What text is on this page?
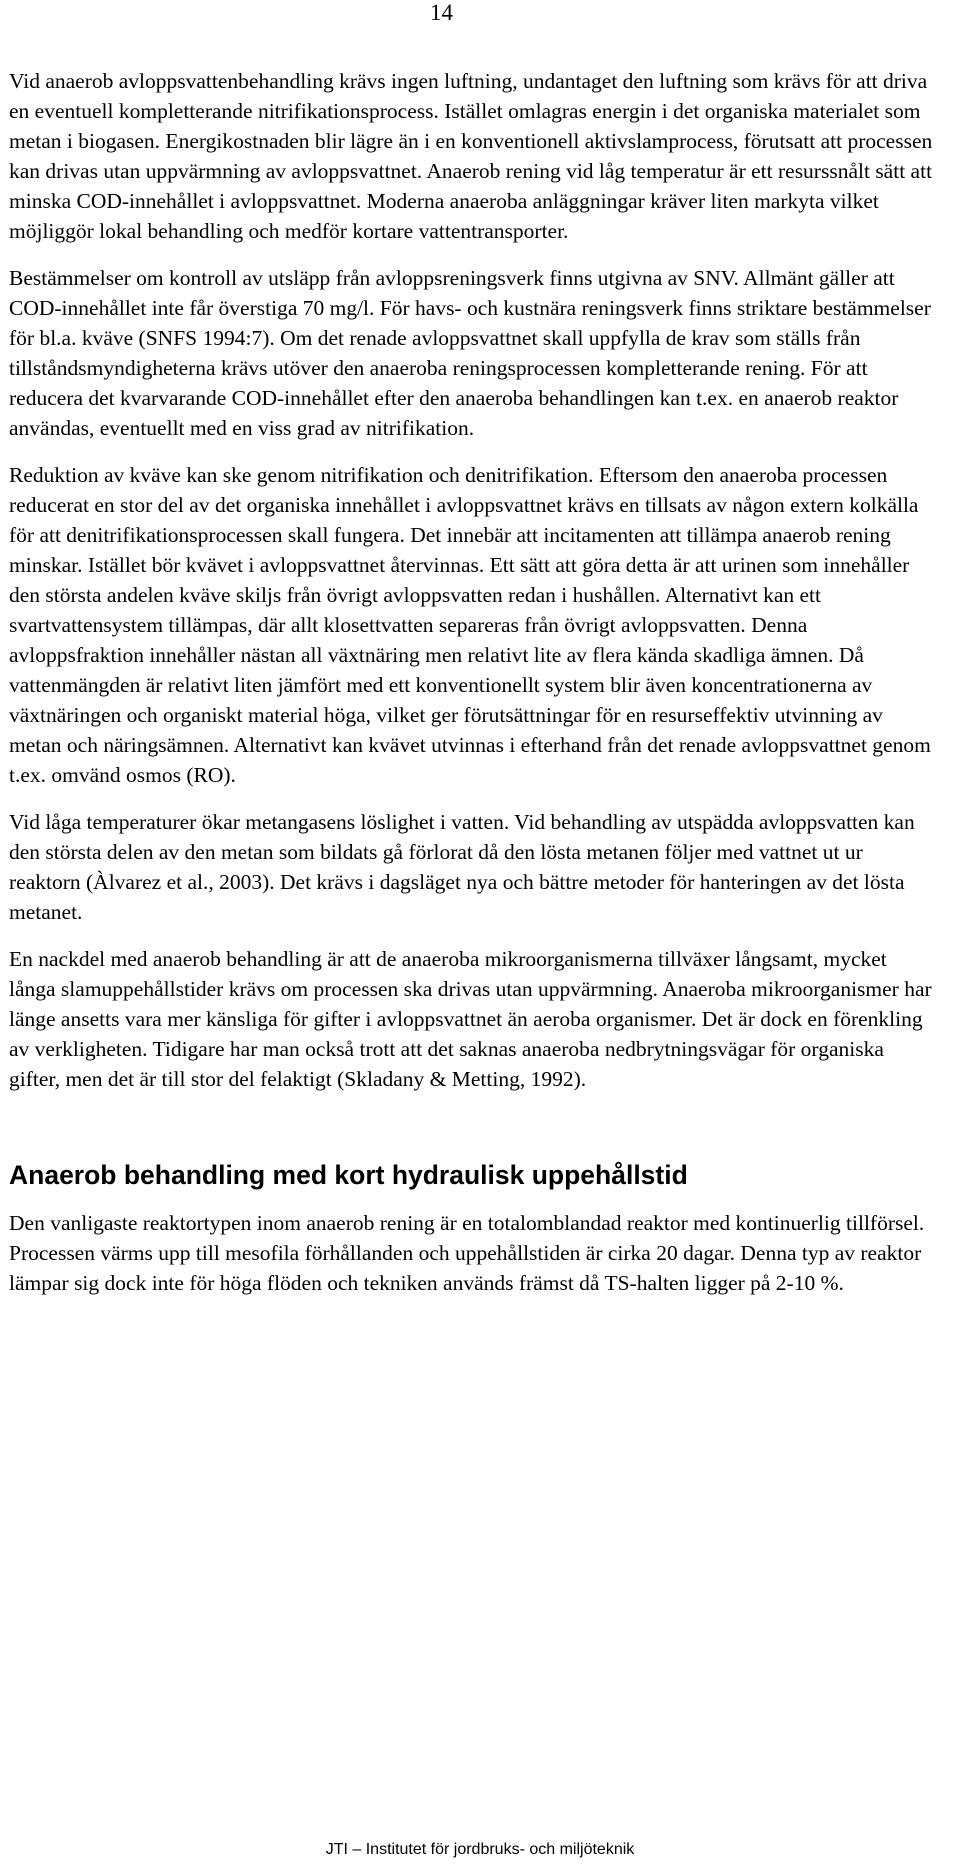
14

Vid anaerob avloppsvattenbehandling krävs ingen luftning, undantaget den luftning som krävs för att driva en eventuell kompletterande nitrifikationsprocess. Istället omlagras energin i det organiska materialet som metan i biogasen. Energikostnaden blir lägre än i en konventionell aktivslamprocess, förutsatt att processen kan drivas utan uppvärmning av avloppsvattnet. Anaerob rening vid låg temperatur är ett resurssnålt sätt att minska COD-innehållet i avloppsvattnet. Moderna anaeroba anläggningar kräver liten markyta vilket möjliggör lokal behandling och medför kortare vattentransporter.

Bestämmelser om kontroll av utsläpp från avloppsreningsverk finns utgivna av SNV. Allmänt gäller att COD-innehållet inte får överstiga 70 mg/l. För havs- och kustnära reningsverk finns striktare bestämmelser för bl.a. kväve (SNFS 1994:7). Om det renade avloppsvattnet skall uppfylla de krav som ställs från tillståndsmyndigheterna krävs utöver den anaeroba reningsprocessen kompletterande rening. För att reducera det kvarvarande COD-innehållet efter den anaeroba behandlingen kan t.ex. en anaerob reaktor användas, eventuellt med en viss grad av nitrifikation.

Reduktion av kväve kan ske genom nitrifikation och denitrifikation. Eftersom den anaeroba processen reducerat en stor del av det organiska innehållet i avloppsvattnet krävs en tillsats av någon extern kolkälla för att denitrifikationsprocessen skall fungera. Det innebär att incitamenten att tillämpa anaerob rening minskar. Istället bör kvävet i avloppsvattnet återvinnas. Ett sätt att göra detta är att urinen som innehåller den största andelen kväve skiljs från övrigt avloppsvatten redan i hushållen. Alternativt kan ett svartvattensystem tillämpas, där allt klosettvatten separeras från övrigt avloppsvatten. Denna avloppsfraktion innehåller nästan all växtnäring men relativt lite av flera kända skadliga ämnen. Då vattenmängden är relativt liten jämfört med ett konventionellt system blir även koncentrationerna av växtnäringen och organiskt material höga, vilket ger förutsättningar för en resurseffektiv utvinning av metan och näringsämnen. Alternativt kan kvävet utvinnas i efterhand från det renade avloppsvattnet genom t.ex. omvänd osmos (RO).

Vid låga temperaturer ökar metangasens löslighet i vatten. Vid behandling av utspädda avloppsvatten kan den största delen av den metan som bildats gå förlorat då den lösta metanen följer med vattnet ut ur reaktorn (Àlvarez et al., 2003). Det krävs i dagsläget nya och bättre metoder för hanteringen av det lösta metanet.

En nackdel med anaerob behandling är att de anaeroba mikroorganismerna tillväxer långsamt, mycket långa slamuppehållstider krävs om processen ska drivas utan uppvärmning. Anaeroba mikroorganismer har länge ansetts vara mer känsliga för gifter i avloppsvattnet än aeroba organismer. Det är dock en förenkling av verkligheten. Tidigare har man också trott att det saknas anaeroba nedbrytningsvägar för organiska gifter, men det är till stor del felaktigt (Skladany & Metting, 1992).

Anaerob behandling med kort hydraulisk uppehållstid

Den vanligaste reaktortypen inom anaerob rening är en totalomblandad reaktor med kontinuerlig tillförsel. Processen värms upp till mesofila förhållanden och uppehållstiden är cirka 20 dagar. Denna typ av reaktor lämpar sig dock inte för höga flöden och tekniken används främst då TS-halten ligger på 2-10 %.

JTI – Institutet för jordbruks- och miljöteknik
